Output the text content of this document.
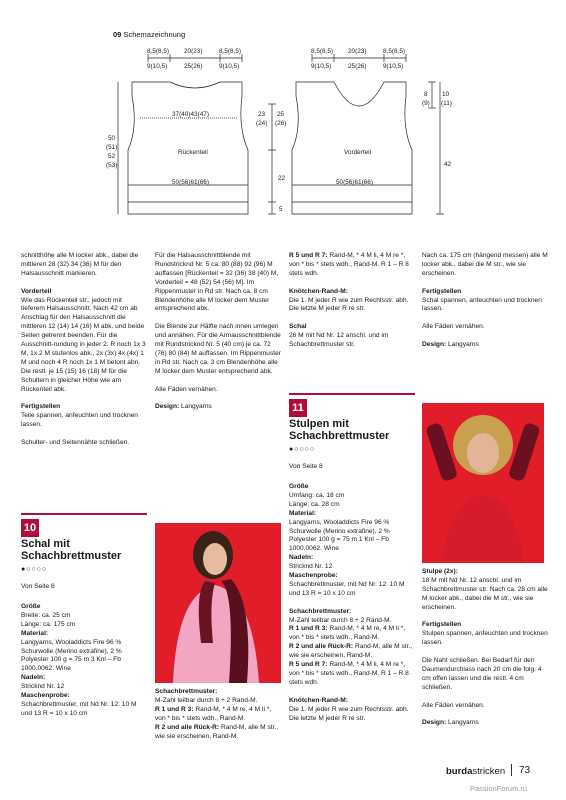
09 Schemazeichnung
8,5(8,5) 20(23)	8,5(8,5)
9(10,5)	25(26)	9(10,5)
37(40)43(47)
Rückenteil
50(56)61(66)
50
(51)
52
(53)
23
(24)
25
(26)
22
5
8,5(8,5) 20(23)	8,5(8,5)
9(10,5)	25(26)	9(10,5)
Vorderteil
50(56)61(66)
8
(9)
10
(11)
42

schnitthöhe alle M locker abk., dabei die mittleren 28 (32) 34 (36) M für den Halsausschnitt markieren.

Vorderteil

Wie das Rückenteil str., jedoch mit tieferem Halsausschnitt. Nach 42 cm ab Anschlag für den Halsausschnitt die mittleren 12 (14) 14 (16) M abk. und beide Seiten getrennt beenden. Für die Ausschnitt-rundung in jeder 2. R noch 1x 3 M, 1x 2 M stufenlos abk., 2x (3x) 4x (4x) 1 M und noch 4 R noch 1x 1 M betont abn. Die restl. je 15 (15) 16 (18) M für die Schultern in gleicher Höhe wie am Rückenteil abk.

Fertigstellen

Teile spannen, anfeuchten und trocknen lassen.

Schulter- und Seitennähte schließen.

Für die Halsausschnittblende mit Rundstricknd Nr. 5 ca. 80 (88) 92 (96) M auffassen [Rückenteil = 32 (36) 38 (40) M, Vorderteil = 48 (52) 54 (56) M]. Im Rippenmuster in Rd str. Nach ca. 8 cm Blendenhöhe alle M locker dem Muster entsprechend abk.

Die Blende zur Hälfte nach innen umlegen und annähen. Für die Armausschnittblende mit Rundstricknd Nr. 5 (40 cm) je ca. 72 (76) 80 (84) M auffassen. Im Rippenmuster in Rd str. Nach ca. 3 cm Blendenhöhe alle M locker dem Muster entsprechend abk.

Alle Fäden vernähen.

Design: Langyarns

R 5 und R 7: Rand-M, * 4 M li, 4 M re *, von * bis * stets wdh., Rand-M. R 1 – R 8 stets wdh.

Knötchen-Rand-M:

Die 1. M jeder R wie zum Rechtsstr. abh. Die letzte M jeder R re str.

Schal

26 M mit Nd Nr. 12 anschl. und im Schachbrettmuster str.

Nach ca. 175 cm (hängend messen) alle M locker abk., dabei die M str., wie sie erscheinen.

Fertigstellen

Schal spannen, anfeuchten und trocknen lassen.

Alle Fäden vernähen.

Design: Langyarns

11
Stulpen mit
Schachbrettmuster
●○○○○
Von Seite 8
Größe

Umfang: ca. 18 cm
Länge: ca. 28 cm

Material:

Langyarns, Wooladdicts Fire 96 % Schurwolle (Merino extrafine), 2 % Polyester 100 g = 75 m 1 Knl – Fb 1000.0062. Wine

Nadeln:

Stricknd Nr. 12

Maschenprobe:

Schachbrettmuster, mit Nd Nr. 12: 10 M und 13 R = 10 x 10 cm

Schachbrettmuster:

M-Zahl teilbar durch 8 + 2 Rand-M.

R 1 und R 3: Rand-M, * 4 M re, 4 M li *, von * bis * stets wdh., Rand-M.

R 2 und alle Rück-R: Rand-M, alle M str., wie sie erscheinen, Rand-M.

R 5 und R 7: Rand-M, * 4 M li, 4 M re *, von * bis * stets wdh., Rand-M. R 1 – R 8 stets wdh.

Knötchen-Rand-M:

Die 1. M jeder R wie zum Rechtsstr. abh. Die letzte M jeder R re str.

Stulpe (2x):

18 M mit Nd Nr. 12 anschl. und im Schachbrettmuster str. Nach ca. 28 cm alle M locker abk., dabei die M str., wie sie erscheinen.

Fertigstellen

Stulpen spannen, anfeuchten und trocknen lassen.

Die Naht schließen. Bei Bedarf für den Daumendurchlass nach 20 cm die folg. 4 cm offen lassen und die restl. 4 cm schließen.

Alle Fäden vernähen.

Design: Langyarns

10
Schal mit
Schachbrettmuster
●○○○○
Von Seite 8
Größe

Breite: ca. 25 cm
Länge: ca. 175 cm

Material:

Langyarns, Wooladdicts Fire 96 % Schurwolle (Merino extrafine), 2 % Polyester 100 g = 75 m 3 Knl – Fb 1000.0062. Wine

Nadeln:

Stricknd Nr. 12

Maschenprobe:

Schachbrettmuster, mit Nd Nr. 12: 10 M und 13 R = 10 x 10 cm

Schachbrettmuster:

M-Zahl teilbar durch 8 + 2 Rand-M.

R 1 und R 3: Rand-M, * 4 M re, 4 M li *, von * bis * stets wdh., Rand-M.

R 2 und alle Rück-R: Rand-M, alle M str., wie sie erscheinen, Rand-M.

burdastricken 73
PassionForum.ru
